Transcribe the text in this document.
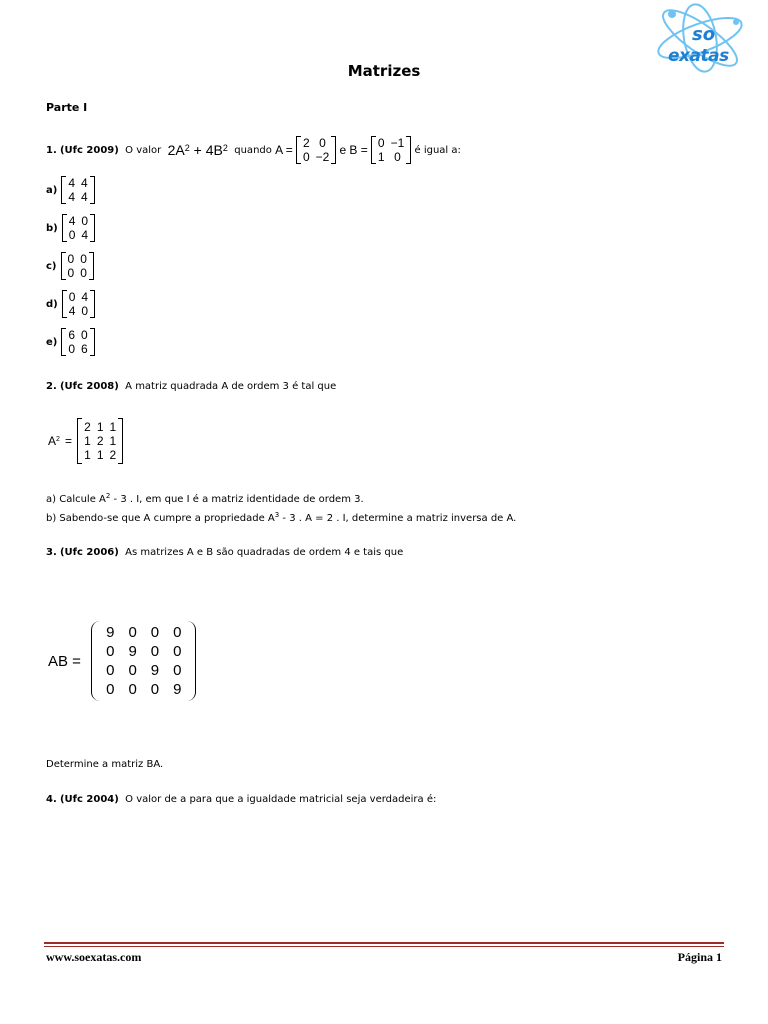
so
exatas
Matrizes
Parte I
1.
(Ufc 2009)
O valor
$2A^2 + 4B^2$
quando
A =
2	0
0	−2
e
B =
0	−1
1	0
é igual a:
a) 4	4
4	4
b) 4	0
0	4
c) 0	0
0	0
d) 0	4
4	0
e) 6	0
0	6
2. (Ufc 2008) A matriz quadrada A de ordem 3 é tal que
$A^2$
=

2	1	1
1	2	1
1	1	2
a) Calcule $A^2 - 3$ . I, em que I é a matriz identidade de ordem 3.
b) Sabendo-se que A cumpre a propriedade $A^3 - 3$ . A = 2 . I, determine a matriz inversa de A.
3. (Ufc 2006) As matrizes A e B são quadradas de ordem 4 e tais que
AB =

9	0	0	0
0	9	0	0
0	0	9	0
0	0	0	9
Determine a matriz BA.
4. (Ufc 2004) O valor de a para que a igualdade matricial seja verdadeira é:
www.soexatas.com	Página 1
